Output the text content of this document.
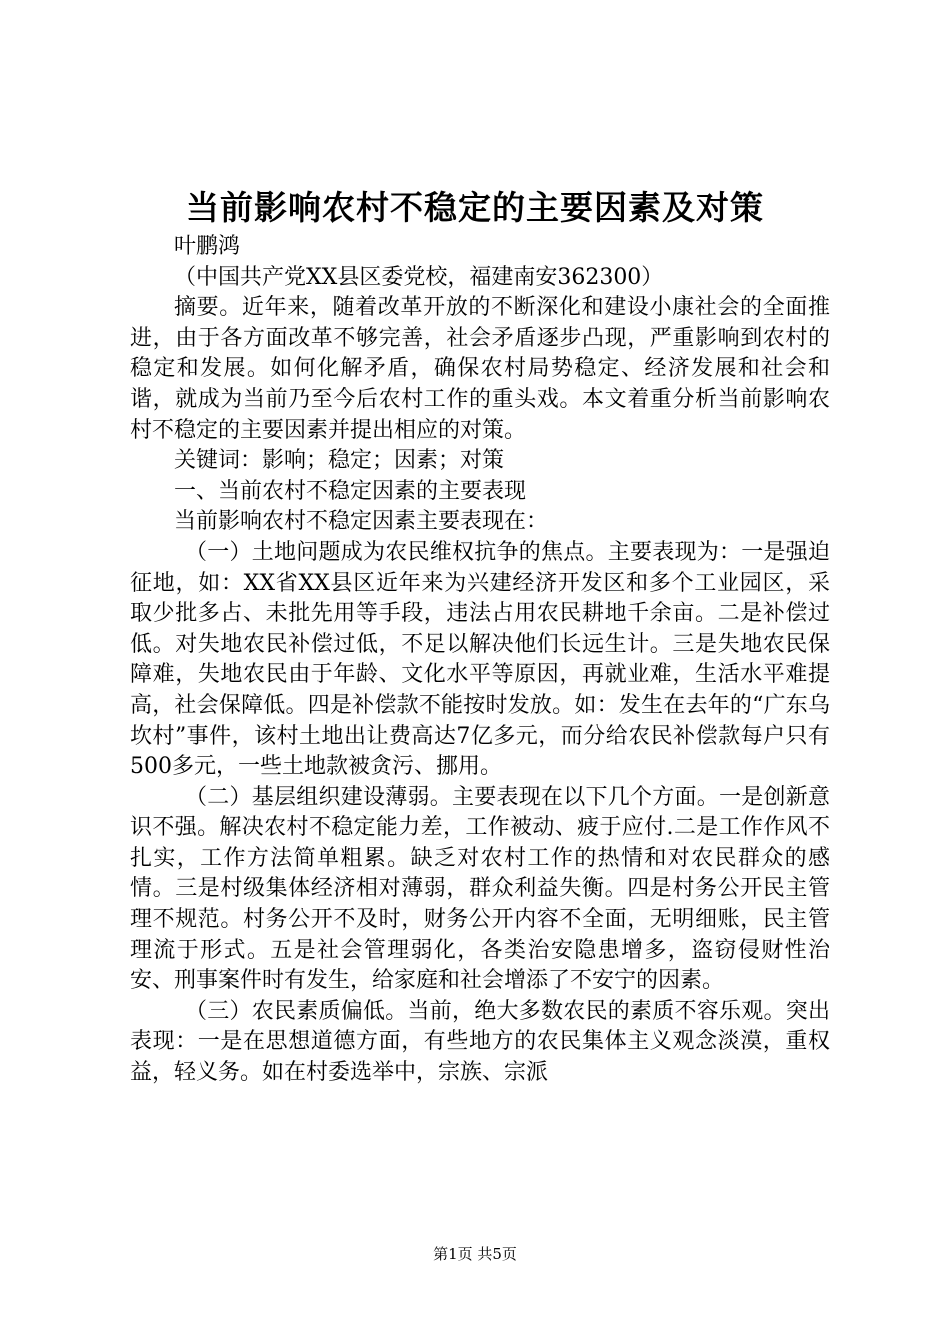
当前影响农村不稳定的主要因素及对策

叶鹏鸿

（中国共产党XX县区委党校，福建南安362300）

摘要。近年来，随着改革开放的不断深化和建设小康社会的全面推进，由于各方面改革不够完善，社会矛盾逐步凸现，严重影响到农村的稳定和发展。如何化解矛盾，确保农村局势稳定、经济发展和社会和谐，就成为当前乃至今后农村工作的重头戏。本文着重分析当前影响农村不稳定的主要因素并提出相应的对策。

关键词：影响；稳定；因素；对策

一、当前农村不稳定因素的主要表现

当前影响农村不稳定因素主要表现在：

（一）土地问题成为农民维权抗争的焦点。主要表现为：一是强迫征地，如：XX省XX县区近年来为兴建经济开发区和多个工业园区，采取少批多占、未批先用等手段，违法占用农民耕地千余亩。二是补偿过低。对失地农民补偿过低，不足以解决他们长远生计。三是失地农民保障难，失地农民由于年龄、文化水平等原因，再就业难，生活水平难提高，社会保障低。四是补偿款不能按时发放。如：发生在去年的“广东乌坎村”事件，该村土地出让费高达7亿多元，而分给农民补偿款每户只有500多元，一些土地款被贪污、挪用。

（二）基层组织建设薄弱。主要表现在以下几个方面。一是创新意识不强。解决农村不稳定能力差，工作被动、疲于应付.二是工作作风不扎实，工作方法简单粗累。缺乏对农村工作的热情和对农民群众的感情。三是村级集体经济相对薄弱，群众利益失衡。四是村务公开民主管理不规范。村务公开不及时，财务公开内容不全面，无明细账，民主管理流于形式。五是社会管理弱化，各类治安隐患增多，盗窃侵财性治安、刑事案件时有发生，给家庭和社会增添了不安宁的因素。

（三）农民素质偏低。当前，绝大多数农民的素质不容乐观。突出表现：一是在思想道德方面，有些地方的农民集体主义观念淡漠，重权益，轻义务。如在村委选举中，宗族、宗派

第1页 共5页
